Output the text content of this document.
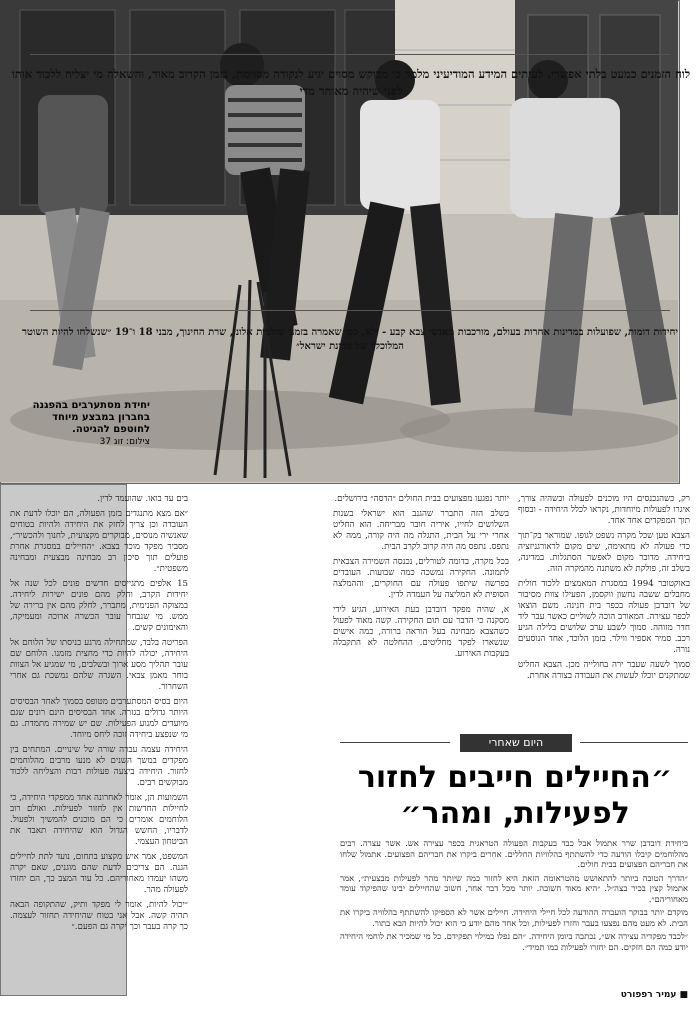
יחידת מסתערבים בהפגנה בחברון במבצע מיוחד לחוטפם להגיטה.
צילום: זוג 37

רק, כשהנכנסים היו מוכנים לפעולה וכשהיה צורך, איגרו לפעולות מיוחדות, נקראו לכלל היחידה - ובסוף תוך המפקדים אחד אחד.

הצבא טען שכל מקרה נשפט לגופו. שמוראר בק־תוך כדי פעולה לא מתאימה, שים מקום לראורגניזציה ביחידה. מדובר מקום לאפשר הסתגלות. במדינה, בשלב זה, פולקת לא משתנה מהמקרה הזה.

באוקטובר 1994 במסגרת המאמצים ללכוד חולית מחבלים ששבה נחשון ווקסמן, הפעילו צוות מסיבור של דובדבן פעולה בכפר בית חנינה. משם הוצאו לכפר עצירה. המאורב הוכה לשוליים כאשר עבר ליד חדר מזוהה. סמוך לשבע ערב שלושים בלילה הגיע רכב. סמיר אספיר ווילר. בזמן הלוכד, אחד הנוסעים נורה.

סמוך לשעה שעבר ירה בחולייה מכן. הצבא החליט שמתקנים יוכלו לעשות את העבודה בצורה אחרת.

יותר נפגעו מפצועים בבית החולים ״הדסה״ בירושלים.

בשלב הזה התברר שהגנב הוא ישראלי בשנות השלושים לחייו, איריה חובר מבריחה. הוא החליט אחרי ירי על הבית, התגלה מה היה קורה, ממה לא נתפס. נתפס מה היה קרוב לקרב הבית.

בכל מקרה, בדומה לטורלים, נכנסה השמירה הצבאית לתמונה. החקירה נמשכה כמה שבועות. העובדים בפרשה שיתפו פעולה עם החוקרים, וההמלצה הסופית לא המליצה על העמדה לדין.

א, שהיה מפקד דובדבן בעת האירוע, הגיע לידי מסקנה כי הדבר עם תום החקירה. קשה מאוד לפעול כשהצבא מבחינה בעל הוראה ברורה, כמה אישים שנשארו לפקד מחליטים. ההחלטה לא התקבלה בעקבות האירוע.

היום שאחרי
״החיילים חייבים לחזור לפעילות, ומהר״

ביחידת דובדבן שרר אתמול אבל כבד בעקבות הפעולה הטראגית בכפר עצירה אש. אשר עצרה. רבים מהלוחמים קיבלו הודעה כדי להשתתף בהלוויות החללים. אחרים ביקרו את חבריהם הפצועים. אתמול שלחו את חבריהם הפצועים בבית חולים.

״הדרך הטובה ביותר להתאושש מהטראומה הזאת היא לחזור כמה שיותר מהר לפעילות מבצעית״, אמר אתמול קצין בכיר בצה״ל. ״היא מאוד חשובה. יותר מכל דבר אחר, חשוב שהחיילים יבינו שהפיקוד עומד מאחוריהם״.

מוקדם יותר בבוקר הועברה ההודעה לכל חיילי היחידה. חיילים אשר לא הספיקו להשתתף בהלוויה ביקרו את הבית. לא מעט מהם נפצעו בעבר וחזרו לפעילות, וכל אחד מהם יודע כי הוא יכול להיות הבא בתור.

״לכבד מפקדיה עצירה אש״, נכתבה ביומן היחידה. ״הם נפלו במילוי תפקידם. כל מי שמכיר את לוחמי היחידה יודע כמה הם חזקים. הם יחזרו לפעילות כמו תמיד״.

■ עמיר רפפורט
לוח הזמנים כמעט בלתי אפשרי. לעיתים המידע המודיעיני מלמד כי מבוקש מסוים יגיע לנקודה מסוימת, בזמן הקרוב מאוד, והשאלה מי יצליח ללכוד אותו לפני שיהיה מאוחר מדי
יחידות דומות, שפועלות במדינות אחרות בעולם, מורכבות מאנשי צבא קבע - ולא, כפי שאמרה בזמנו שולמית אלוני, שרת החינוך, מבני 18 ו־19 ״שנשלחו להיות השוטר המלוכלך של מדינת ישראל״

בים עד בואו. שהועמד לדין.

״אם מצא מתנגדים בזמן הפעולה, הם יוכלו לדעת את העובדה וכן צריך לחזק את היחידה ולהיות בטוחים שאנשיה מנוסים, מבוקרים מקצועית, לחנוך ולהכשיר״, מסביר מפקד מוכר בצבא. ״החיילים במסגרת אחרת פועלים תוך סיכון רב מבחינה מבצעית ומבחינה משפטית״.

15 אלפים מתגייסים חדשים פונים לכל שנה אל יחידות הקרב, וחלק מהם פונים ישירות ליחידה. במצוקה הפנימית, מתברר, לחלק מהם אין ברירה של ממש. מי שנבחר עובר הכשרה ארוכה ומעמיקה, והאימונים קשים.

הפריטה בלבד, שמתחילה מרגע כניסתו של הלוחם אל היחידה, יכולה להיות כדי מחצית מזמנו. הלוחם שם עובר תהליך מסע ארוך ובשלבים, מי שמגיע אל הצוות בוחר מאמן צבאי. השגרה שלהם נמשכת גם אחרי השחרור.

היום בסיס המסתערבים מטופס בסמוך לאחד הבסיסים היותר גדולים בגזרה. אחד הבסיסים הינם רונים שגם מיועדים למנוע הפעילות. שם יש שמירה מתמדת. גם מי שנפצע ביחידה זוכה ליחס מיוחד.

היחידה עצמה עברה שורה של שינויים. המתחים בין מפקדים במשך השנים לא מנעו מרבים מהלוחמים לחזור. היחידה ביצעה פעולות רבות והצליחה ללכוד מבוקשים רבים.

השמועות הן, אומר לאחרונה אחד ממפקדי היחידה, כי לחיילות החדשות אין לחזור לפעילות. ואולם רוב הלוחמים אומרים כי הם מוכנים להמשיך ולפעול. לדבריו, החשש הגדול הוא שהיחידה תאבד את הביטחון העצמי.

המשפט, אמר איש מקצוע בתחום, נועד לתת לחיילים הגנה. הם צריכים לדעת שהם מוגנים, שאם יקרה משהו יעמדו מאחוריהם. כל עוד המצב כך, הם יחזרו לפעולה מהר.

״יכול להיות, אומר לי מפקד ותיק, שהתקופה הבאה תהיה קשה. אבל אני בטוח שהיחידה תחזור לעצמה. כך קרה בעבר וכך יקרה גם הפעם.״
